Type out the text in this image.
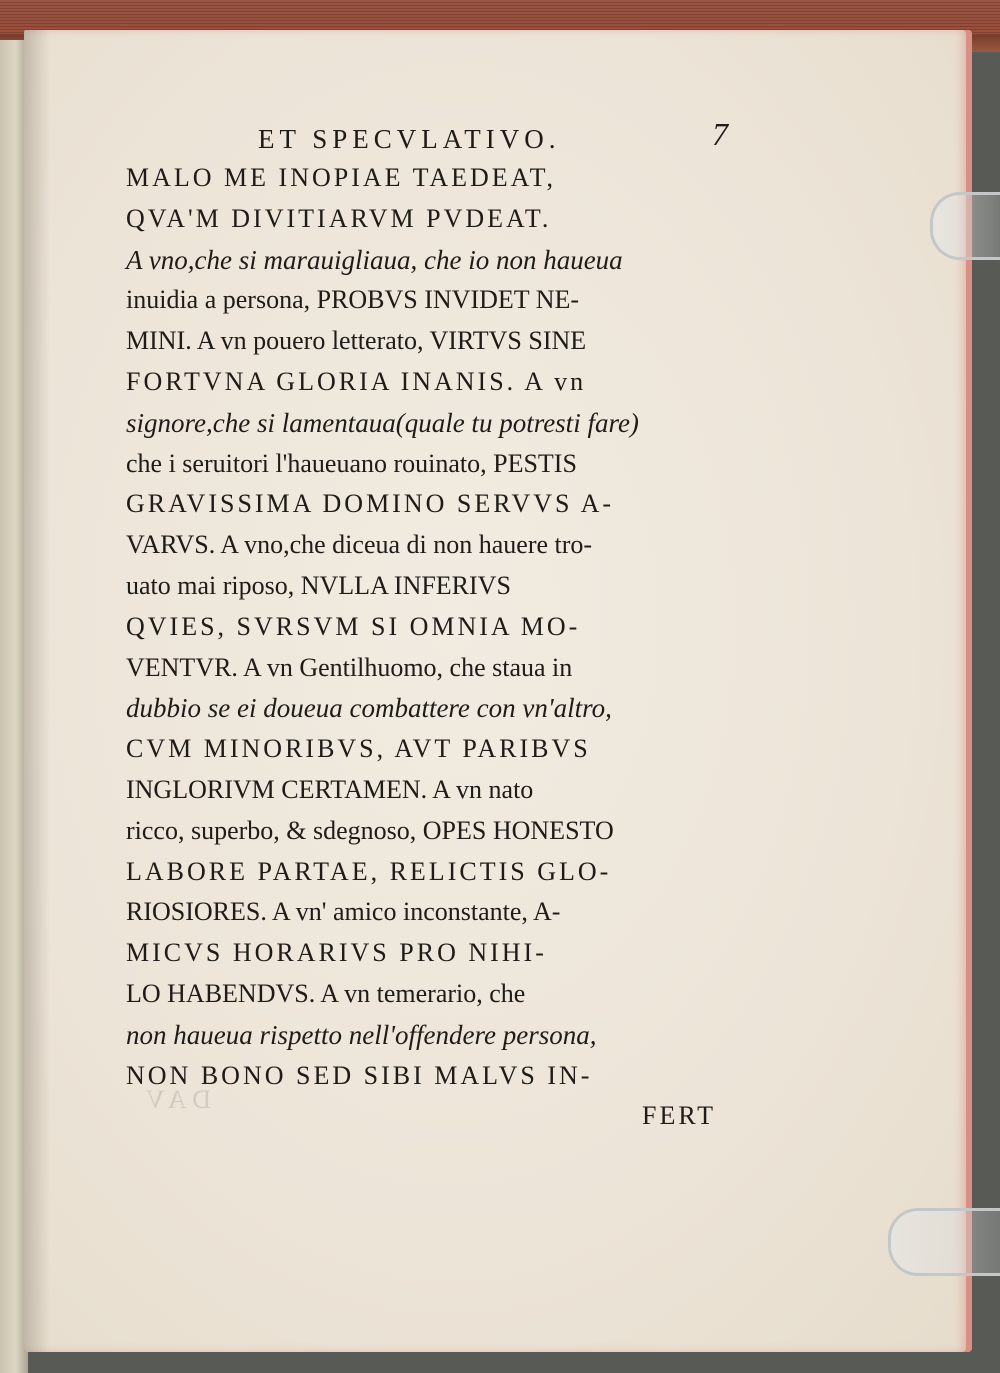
DAV
ET SPECVLATIVO.	7
MALO ME INOPIAE TAEDEAT,
QVA'M DIVITIARVM PVDEAT.
A vno,che si marauigliaua, che io non haueua
inuidia a persona, PROBVS INVIDET NE-
MINI. A vn pouero letterato, VIRTVS SINE
FORTVNA GLORIA INANIS. A vn
signore,che si lamentaua(quale tu potresti fare)
che i seruitori l'haueuano rouinato, PESTIS
GRAVISSIMA DOMINO SERVVS A-
VARVS. A vno,che diceua di non hauere tro-
uato mai riposo, NVLLA INFERIVS
QVIES, SVRSVM SI OMNIA MO-
VENTVR. A vn Gentilhuomo, che staua in
dubbio se ei doueua combattere con vn'altro,
CVM MINORIBVS, AVT PARIBVS
INGLORIVM CERTAMEN. A vn nato
ricco, superbo, & sdegnoso, OPES HONESTO
LABORE PARTAE, RELICTIS GLO-
RIOSIORES. A vn' amico inconstante, A-
MICVS HORARIVS PRO NIHI-
LO HABENDVS. A vn temerario, che
non haueua rispetto nell'offendere persona,
NON BONO SED SIBI MALVS IN-
FERT
